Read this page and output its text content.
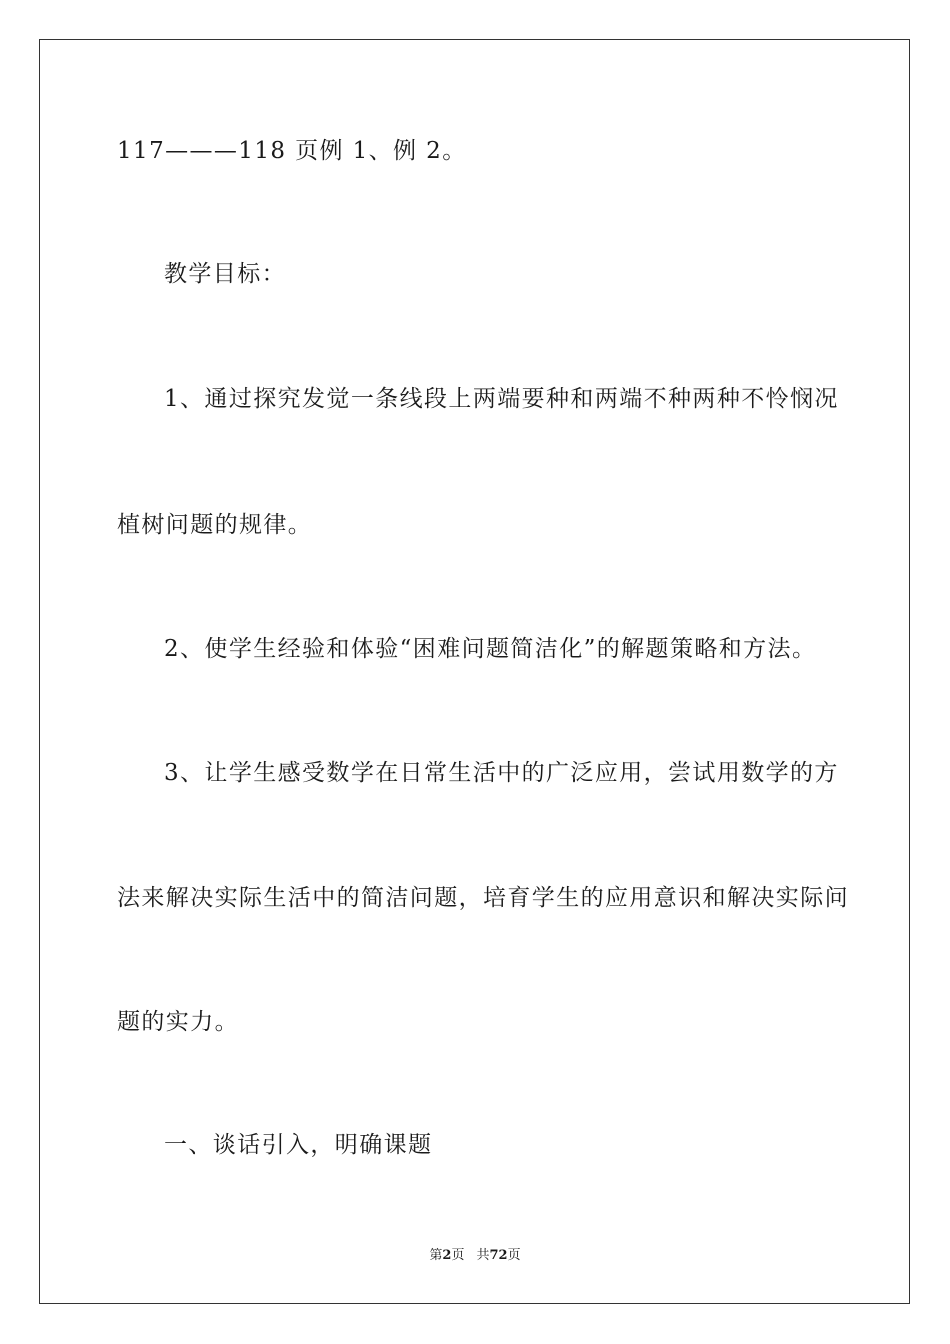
117———118 页例 1、例 2。
教学目标：
1、通过探究发觉一条线段上两端要种和两端不种两种不怜悯况
植树问题的规律。
2、使学生经验和体验“困难问题简洁化”的解题策略和方法。
3、让学生感受数学在日常生活中的广泛应用，尝试用数学的方
法来解决实际生活中的简洁问题，培育学生的应用意识和解决实际问
题的实力。
一、谈话引入，明确课题
第2页 共72页
